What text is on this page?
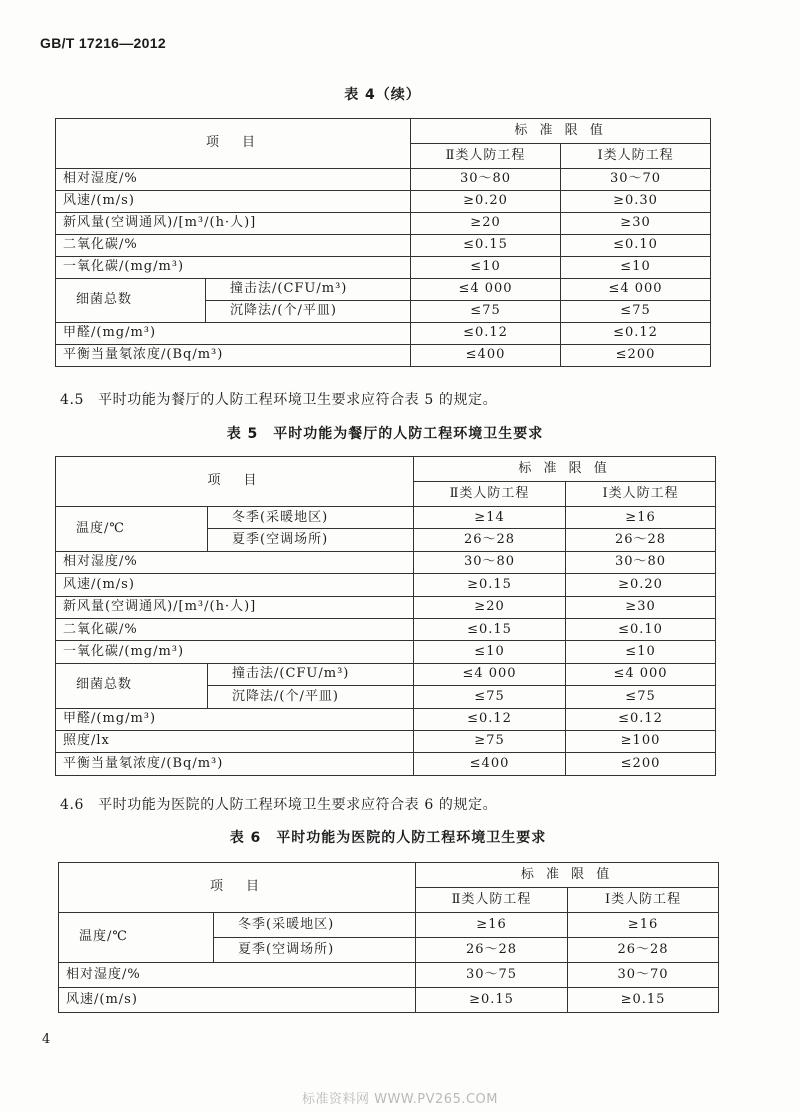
GB/T 17216—2012
表 4（续）
项　目		标 准 限 值	
		Ⅱ类人防工程	Ⅰ类人防工程
相对湿度/%		30～80	30～70
风速/(m/s)		≥0.20	≥0.30
新风量(空调通风)/[m³/(h·人)]		≥20	≥30
二氧化碳/%		≤0.15	≤0.10
一氧化碳/(mg/m³)		≤10	≤10
细菌总数	撞击法/(CFU/m³)	≤4 000	≤4 000
	沉降法/(个/平皿)	≤75	≤75
甲醛/(mg/m³)		≤0.12	≤0.12
平衡当量氡浓度/(Bq/m³)		≤400	≤200
4.5 平时功能为餐厅的人防工程环境卫生要求应符合表 5 的规定。
表 5　平时功能为餐厅的人防工程环境卫生要求
项　目		标 准 限 值	
		Ⅱ类人防工程	Ⅰ类人防工程
温度/℃	冬季(采暖地区)	≥14	≥16
	夏季(空调场所)	26～28	26～28
相对湿度/%		30～80	30～80
风速/(m/s)		≥0.15	≥0.20
新风量(空调通风)/[m³/(h·人)]		≥20	≥30
二氧化碳/%		≤0.15	≤0.10
一氧化碳/(mg/m³)		≤10	≤10
细菌总数	撞击法/(CFU/m³)	≤4 000	≤4 000
	沉降法/(个/平皿)	≤75	≤75
甲醛/(mg/m³)		≤0.12	≤0.12
照度/lx		≥75	≥100
平衡当量氡浓度/(Bq/m³)		≤400	≤200
4.6 平时功能为医院的人防工程环境卫生要求应符合表 6 的规定。
表 6　平时功能为医院的人防工程环境卫生要求
项　目		标 准 限 值	
		Ⅱ类人防工程	Ⅰ类人防工程
温度/℃	冬季(采暖地区)	≥16	≥16
	夏季(空调场所)	26～28	26～28
相对湿度/%		30～75	30～70
风速/(m/s)		≥0.15	≥0.15
4
标准资料网 WWW.PV265.COM
